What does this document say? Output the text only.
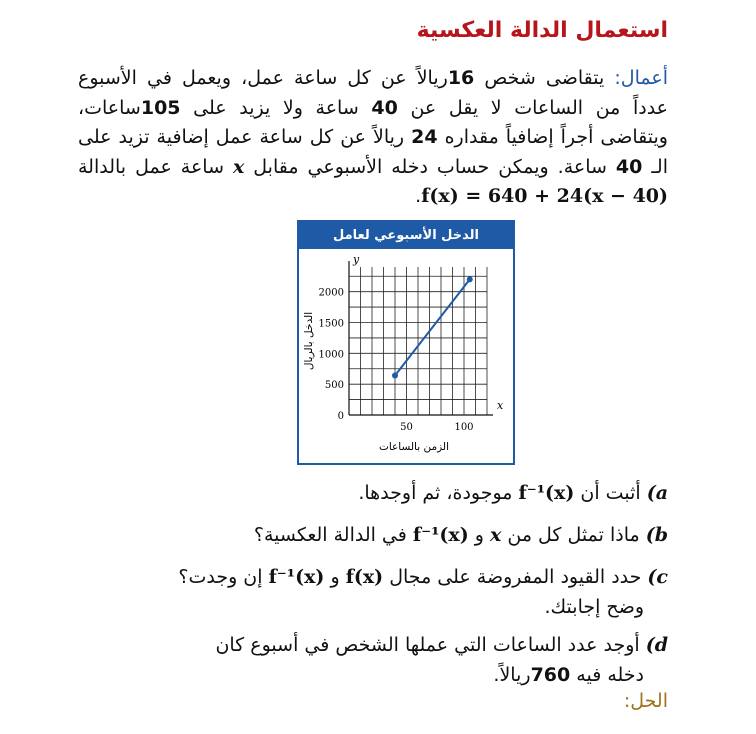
استعمال الدالة العكسية
أعمال: يتقاضى شخص 16ريالاً عن كل ساعة عمل، ويعمل في الأسبوع عدداً من الساعات لا يقل عن 40 ساعة ولا يزيد على 105ساعات، ويتقاضى أجراً إضافياً مقداره 24 ريالاً عن كل ساعة عمل إضافية تزيد على الـ 40 ساعة. ويمكن حساب دخله الأسبوعي مقابل x ساعة عمل بالدالة f(x) = 640 + 24(x − 40).
الدخل الأسبوعي لعامل
x
y
0
500
1000
1500
2000
50	100
الزمن بالساعات
الدخل بالريال
a) أثبت أن f⁻¹(x) موجودة، ثم أوجدها.
b) ماذا تمثل كل من x و f⁻¹(x) في الدالة العكسية؟
c) حدد القيود المفروضة على مجال f(x) و f⁻¹(x) إن وجدت؟
وضح إجابتك.
d) أوجد عدد الساعات التي عملها الشخص في أسبوع كان
دخله فيه 760ريالاً.
الحل:
